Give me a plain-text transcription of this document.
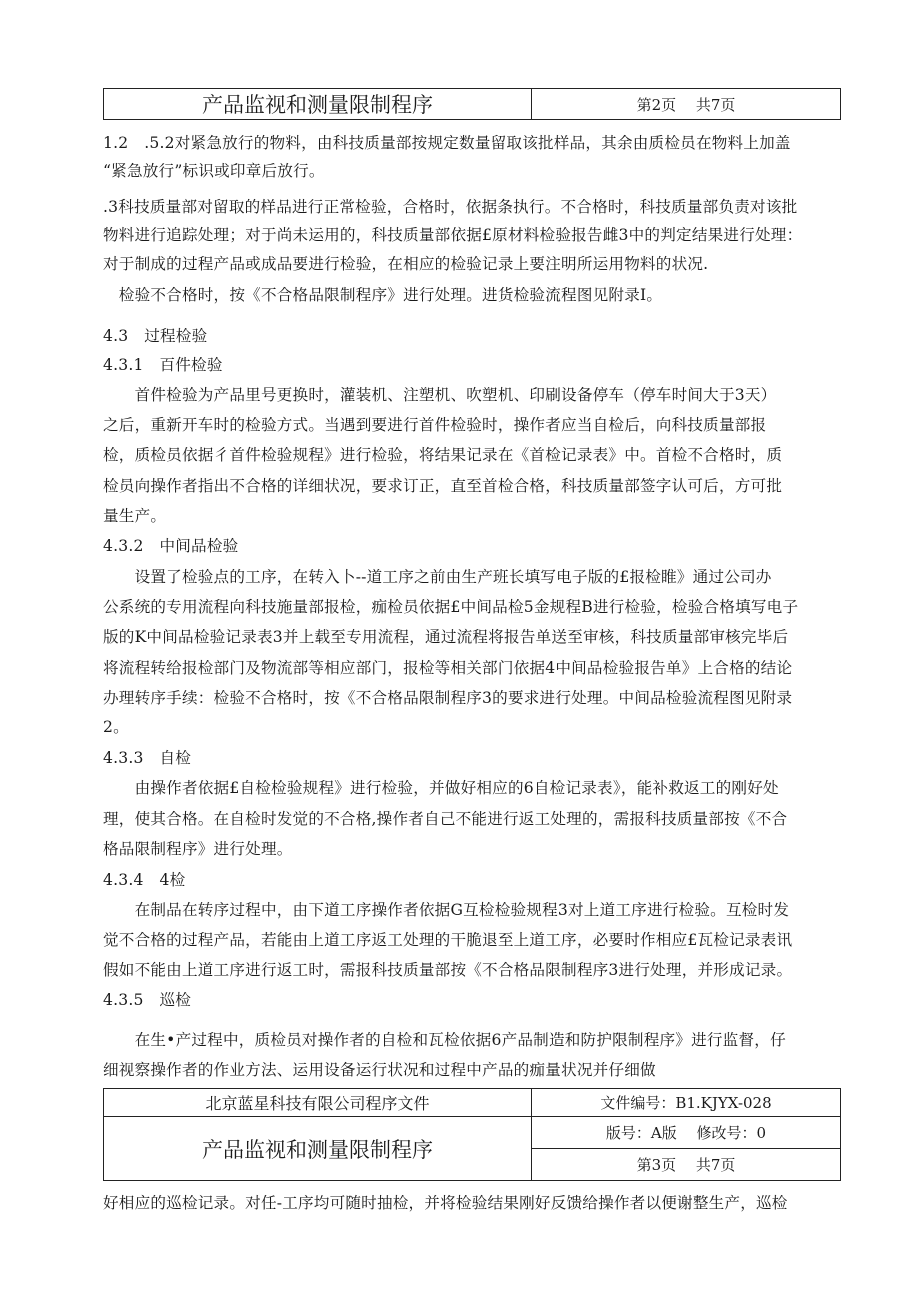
产品监视和测量限制程序	第2页　 共7页
1.2　.5.2对紧急放行的物料，由科技质量部按规定数量留取该批样品，其余由质检员在物料上加盖
“紧急放行”标识或印章后放行。
.3科技质量部对留取的样品进行正常检验，合格时，依据条执行。不合格时，科技质量部负责对该批
物料进行追踪处理；对于尚未运用的，科技质量部依据£原材料检验报告雌3中的判定结果进行处理：
对于制成的过程产品或成品要进行检验，在相应的检验记录上要注明所运用物料的状况.
　检验不合格时，按《不合格品限制程序》进行处理。进货检验流程图见附录I。
4.3　过程检验
4.3.1　百件检验
　　首件检验为产品里号更换时，灌装机、注塑机、吹塑机、印刷设备停车（停车时间大于3天）
之后，重新开车时的检验方式。当遇到要进行首件检验时，操作者应当自检后，向科技质量部报
检，质检员依据彳首件检验规程》进行检验，将结果记录在《首检记录表》中。首检不合格时，质
检员向操作者指出不合格的详细状况，要求订正，直至首检合格，科技质量部签字认可后，方可批
量生产。
4.3.2　中间品检验
　　设置了检验点的工序，在转入卜--道工序之前由生产班长填写电子版的£报检睢》通过公司办
公系统的专用流程向科技施量部报检，痂检员依据£中间品检5金规程B进行检验，检验合格填写电子
版的K中间品检验记录表3并上载至专用流程，通过流程将报告单送至审核，科技质量部审核完毕后
将流程转给报检部门及物流部等相应部门，报检等相关部门依据4中间品检验报告单》上合格的结论
办理转序手续：检验不合格时，按《不合格品限制程序3的要求进行处理。中间品检验流程图见附录
2。
4.3.3　自检
　　由操作者依据£自检检验规程》进行检验，并做好相应的6自检记录表》，能补救返工的刚好处
理，使其合格。在自检时发觉的不合格,操作者自己不能进行返工处理的，需报科技质量部按《不合
格品限制程序》进行处理。
4.3.4　4检
　　在制品在转序过程中，由下道工序操作者依据G互检检验规程3对上道工序进行检验。互检时发
觉不合格的过程产品，若能由上道工序返工处理的干脆退至上道工序，必要时作相应£瓦检记录表讯
假如不能由上道工序进行返工时，需报科技质量部按《不合格品限制程序3进行处理，并形成记录。
4.3.5　巡检
　　在生•产过程中，质检员对操作者的自检和瓦检依据6产品制造和防护限制程序》进行监督，仔
细视察操作者的作业方法、运用设备运行状况和过程中产品的痂量状况并仔细做
北京蓝星科技有限公司程序文件	文件编号：B1.KJYX-028
产品监视和测量限制程序	版号：A版　 修改号：0
	第3页　 共7页
好相应的巡检记录。对任-工序均可随时抽检，并将检验结果刚好反馈给操作者以便谢整生产，巡检
